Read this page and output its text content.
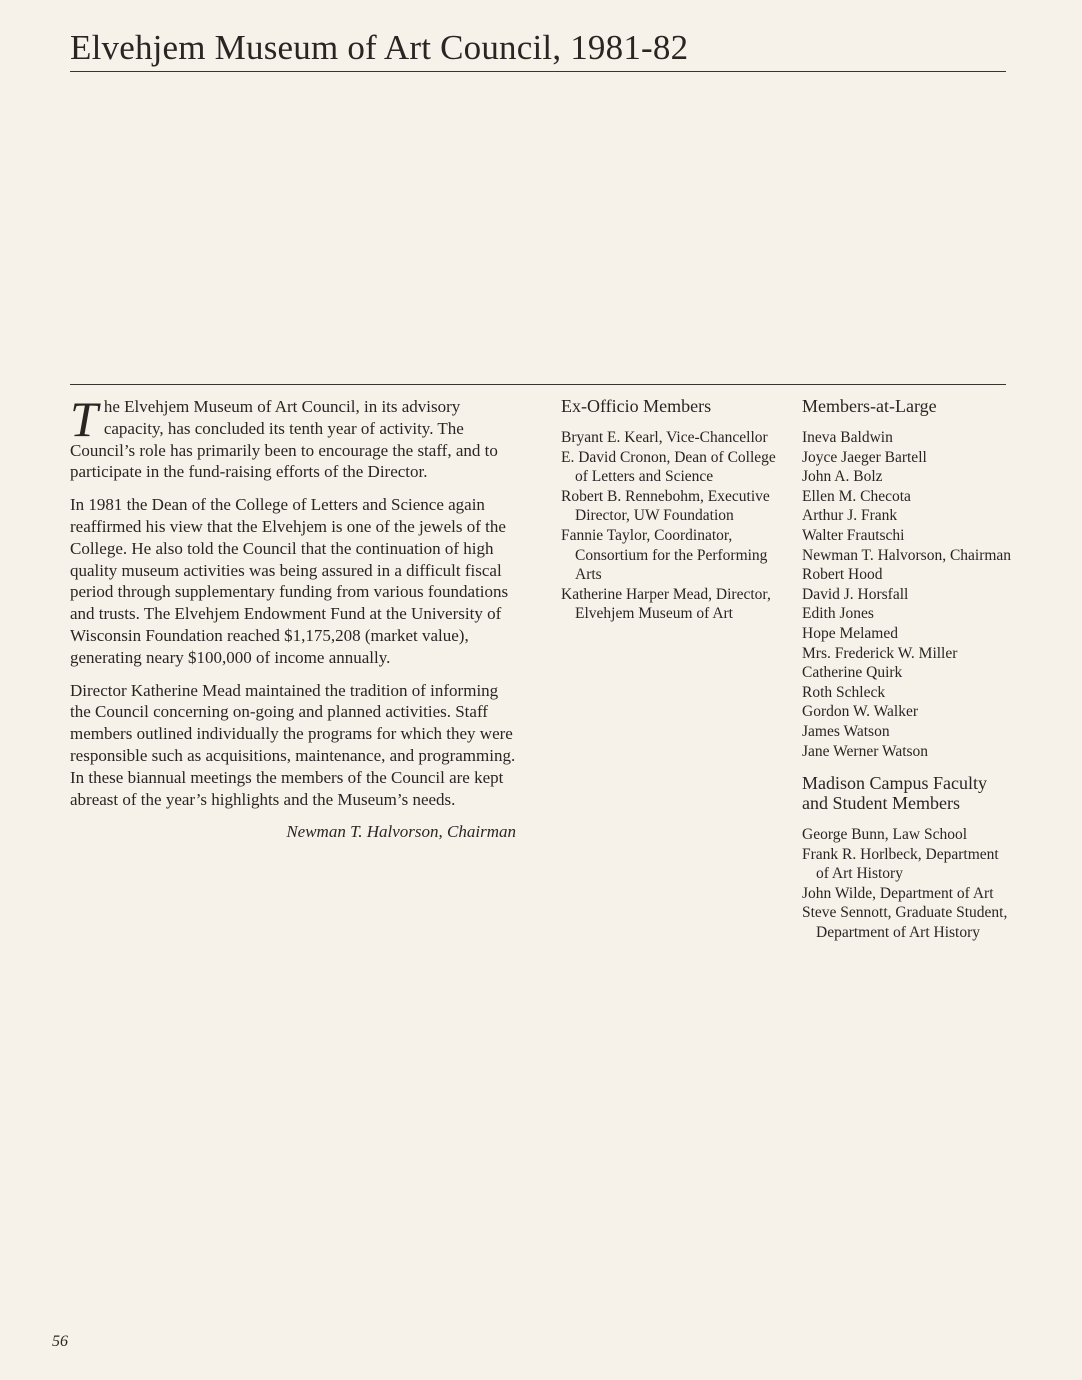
Elvehjem Museum of Art Council, 1981-82

The Elvehjem Museum of Art Council, in its advisory capacity, has concluded its tenth year of activity. The Council’s role has primarily been to encourage the staff, and to participate in the fund-raising efforts of the Director.

In 1981 the Dean of the College of Letters and Science again reaffirmed his view that the Elvehjem is one of the jewels of the College. He also told the Council that the continuation of high quality museum activities was being assured in a difficult fiscal period through supplementary funding from various foundations and trusts. The Elvehjem Endowment Fund at the University of Wisconsin Foundation reached $1,175,208 (market value), generating neary $100,000 of income annually.

Director Katherine Mead maintained the tradition of informing the Council concerning on-going and planned activities. Staff members outlined individually the programs for which they were responsible such as acquisitions, maintenance, and programming. In these biannual meetings the members of the Council are kept abreast of the year’s highlights and the Museum’s needs.

Newman T. Halvorson, Chairman

Ex-Officio Members
Bryant E. Kearl, Vice-Chancellor
E. David Cronon, Dean of College of Letters and Science
Robert B. Rennebohm, Executive Director, UW Foundation
Fannie Taylor, Coordinator, Consortium for the Performing Arts
Katherine Harper Mead, Director, Elvehjem Museum of Art
Members-at-Large
Ineva Baldwin
Joyce Jaeger Bartell
John A. Bolz
Ellen M. Checota
Arthur J. Frank
Walter Frautschi
Newman T. Halvorson, Chairman
Robert Hood
David J. Horsfall
Edith Jones
Hope Melamed
Mrs. Frederick W. Miller
Catherine Quirk
Roth Schleck
Gordon W. Walker
James Watson
Jane Werner Watson
Madison Campus Faculty and Student Members
George Bunn, Law School
Frank R. Horlbeck, Department of Art History
John Wilde, Department of Art
Steve Sennott, Graduate Student, Department of Art History
56
